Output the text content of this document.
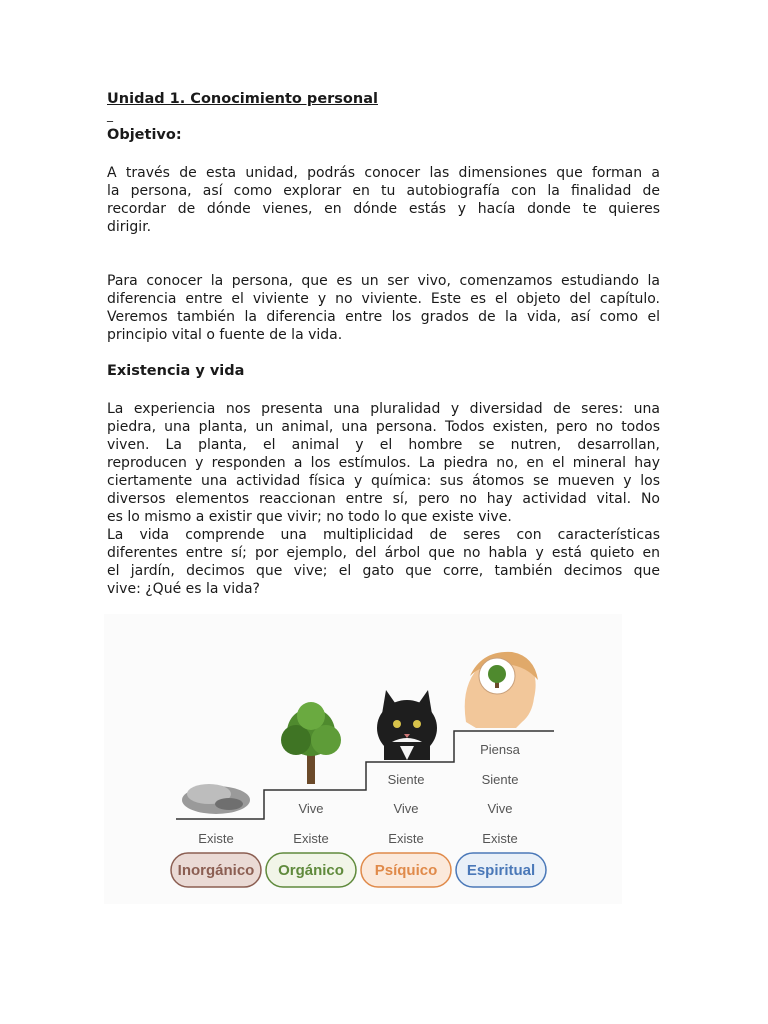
Unidad 1. Conocimiento personal
_
Objetivo:
A través de esta unidad, podrás conocer las dimensiones que forman a
la persona, así como explorar en tu autobiografía con la finalidad de
recordar de dónde vienes, en dónde estás y hacía donde te quieres
dirigir.
Para conocer la persona, que es un ser vivo, comenzamos estudiando la
diferencia entre el viviente y no viviente. Este es el objeto del capítulo.
Veremos también la diferencia entre los grados de la vida, así como el
principio vital o fuente de la vida.
Existencia y vida
La experiencia nos presenta una pluralidad y diversidad de seres: una
piedra, una planta, un animal, una persona. Todos existen, pero no todos
viven. La planta, el animal y el hombre se nutren, desarrollan,
reproducen y responden a los estímulos. La piedra no, en el mineral hay
ciertamente una actividad física y química: sus átomos se mueven y los
diversos elementos reaccionan entre sí, pero no hay actividad vital. No
es lo mismo a existir que vivir; no todo lo que existe vive.
La vida comprende una multiplicidad de seres con características
diferentes entre sí; por ejemplo, del árbol que no habla y está quieto en
el jardín, decimos que vive; el gato que corre, también decimos que
vive: ¿Qué es la vida?
Existe
Vive
Existe
Siente
Vive
Existe
Piensa
Siente
Vive
Existe
Inorgánico Orgánico Psíquico Espiritual
